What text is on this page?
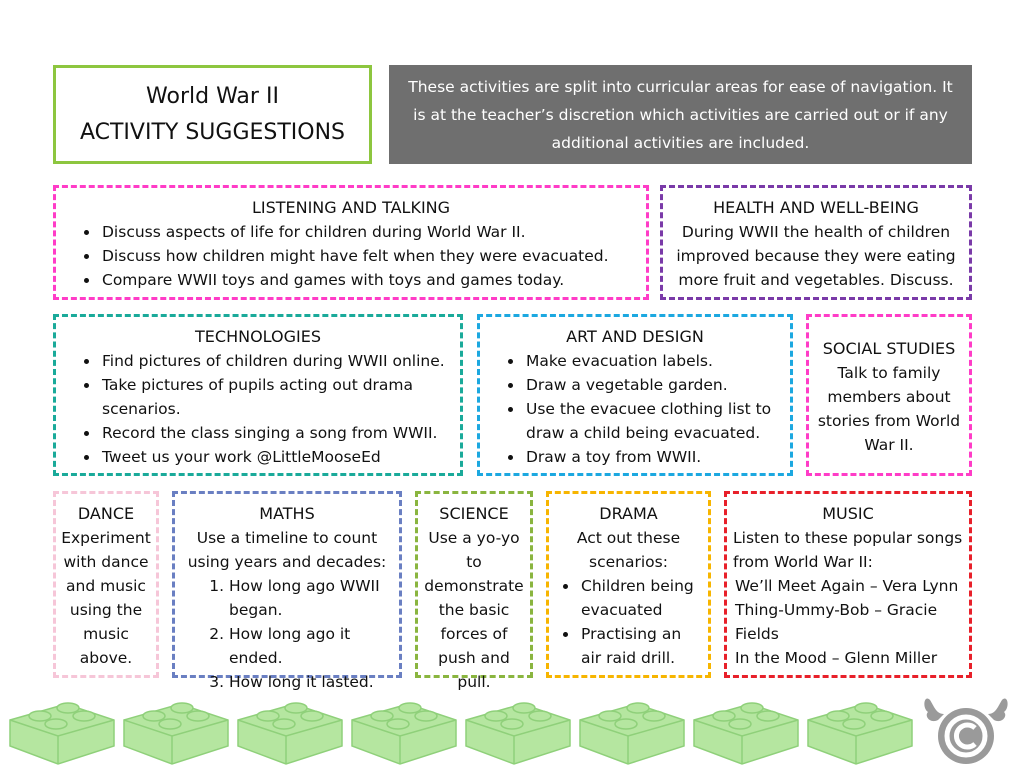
World War II
ACTIVITY SUGGESTIONS
These activities are split into curricular areas for ease of navigation. It is at the teacher’s discretion which activities are carried out or if any additional activities are included.
LISTENING AND TALKING
• Discuss aspects of life for children during World War II.
• Discuss how children might have felt when they were evacuated.
• Compare WWII toys and games with toys and games today.
HEALTH AND WELL-BEING

During WWII the health of children improved because they were eating more fruit and vegetables. Discuss.

TECHNOLOGIES
• Find pictures of children during WWII online.
• Take pictures of pupils acting out drama scenarios.
• Record the class singing a song from WWII.
• Tweet us your work @LittleMooseEd
ART AND DESIGN
• Make evacuation labels.
• Draw a vegetable garden.
• Use the evacuee clothing list to draw a child being evacuated.
• Draw a toy from WWII.
SOCIAL STUDIES

Talk to family members about stories from World War II.

DANCE

Experiment with dance and music using the music above.

MATHS

Use a timeline to count using years and decades:

1. How long ago WWII began.
2. How long ago it ended.
3. How long it lasted.
SCIENCE

Use a yo-yo to demonstrate the basic forces of push and pull.

DRAMA

Act out these scenarios:

• Children being evacuated
• Practising an air raid drill.
MUSIC

Listen to these popular songs from World War II:

We’ll Meet Again – Vera Lynn
Thing-Ummy-Bob – Gracie Fields
In the Mood – Glenn Miller
